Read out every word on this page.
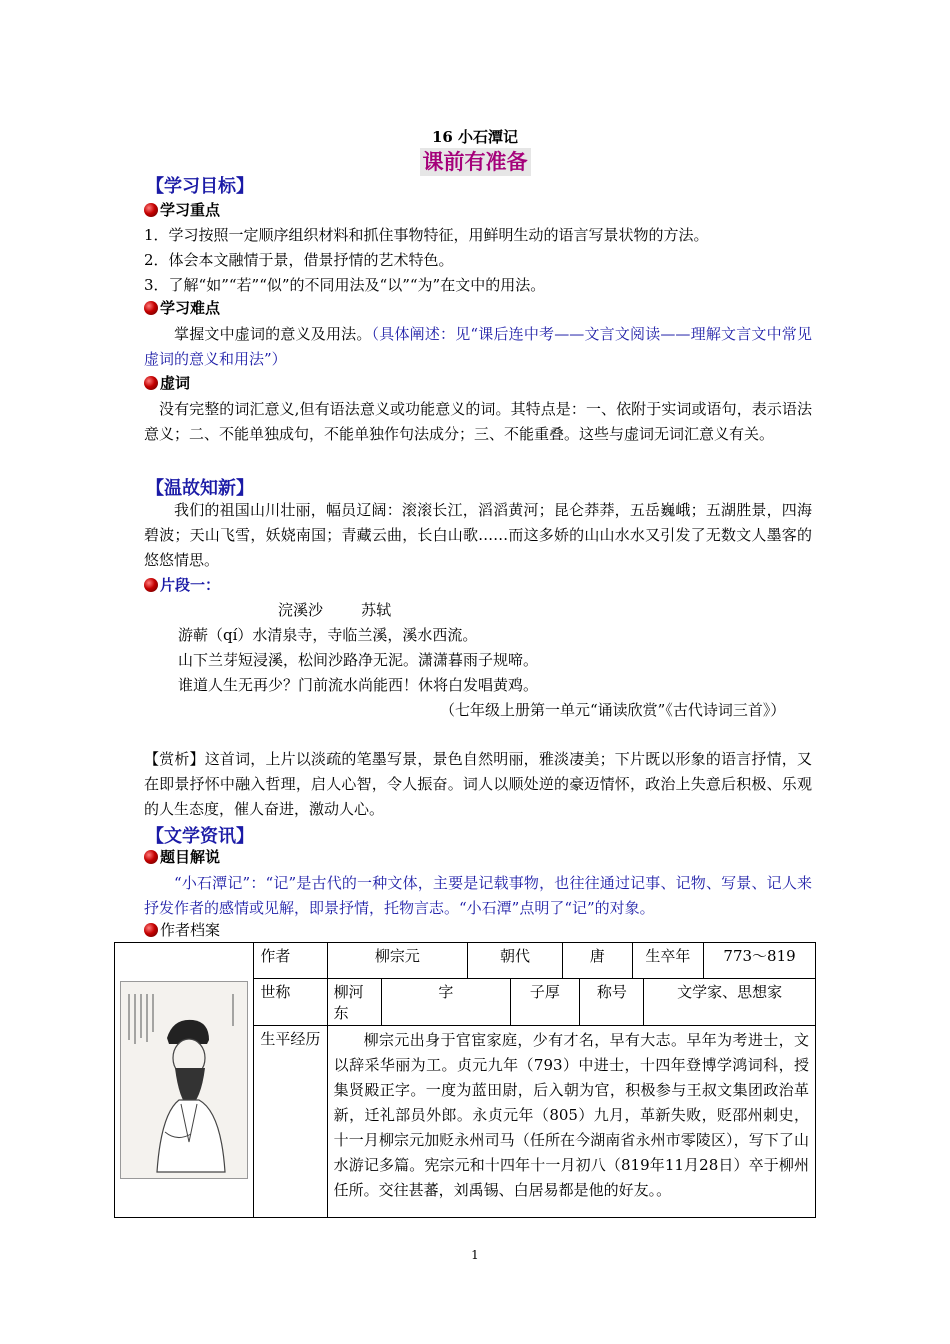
16 小石潭记
课前有准备
【学习目标】
学习重点
1．学习按照一定顺序组织材料和抓住事物特征，用鲜明生动的语言写景状物的方法。
2．体会本文融情于景，借景抒情的艺术特色。
3．了解“如”“若”“似”的不同用法及“以”“为”在文中的用法。
学习难点
掌握文中虚词的意义及用法。（具体阐述：见“课后连中考——文言文阅读——理解文言文中常见虚词的意义和用法”）
虚词
没有完整的词汇意义,但有语法意义或功能意义的词。其特点是：一、依附于实词或语句，表示语法意义；二、不能单独成句，不能单独作句法成分；三、不能重叠。这些与虚词无词汇意义有关。
【温故知新】
我们的祖国山川壮丽，幅员辽阔：滚滚长江，滔滔黄河；昆仑莽莽，五岳巍峨；五湖胜景，四海碧波；天山飞雪，妖娆南国；青藏云曲，长白山歌……而这多娇的山山水水又引发了无数文人墨客的悠悠情思。
片段一：
浣溪沙        苏轼
游蕲（qí）水清泉寺，寺临兰溪，溪水西流。
山下兰芽短浸溪，松间沙路净无泥。潇潇暮雨子规啼。
谁道人生无再少？门前流水尚能西！休将白发唱黄鸡。
（七年级上册第一单元“诵读欣赏”《古代诗词三首》）
【赏析】这首词，上片以淡疏的笔墨写景，景色自然明丽，雅淡凄美；下片既以形象的语言抒情，又在即景抒怀中融入哲理，启人心智，令人振奋。词人以顺处逆的豪迈情怀，政治上失意后积极、乐观的人生态度，催人奋进，激动人心。
【文学资讯】
题目解说
“小石潭记”：“记”是古代的一种文体，主要是记载事物，也往往通过记事、记物、写景、记人来抒发作者的感情或见解，即景抒情，托物言志。“小石潭”点明了“记”的对象。
作者档案
	作者	柳宗元		朝代		唐		生卒年		773～819
	世称	柳河东	字		子厚		称号		文学家、思想家	
	生平经历	柳宗元出身于官宦家庭，少有才名，早有大志。早年为考进士，文以辞采华丽为工。贞元九年（793）中进士，十四年登博学鸿词科，授集贤殿正字。一度为蓝田尉，后入朝为官，积极参与王叔文集团政治革新，迁礼部员外郎。永贞元年（805）九月，革新失败，贬邵州刺史，十一月柳宗元加贬永州司马（任所在今湖南省永州市零陵区），写下了山水游记多篇。宪宗元和十四年十一月初八（819年11月28日）卒于柳州任所。交往甚蕃，刘禹锡、白居易都是他的好友。。								
1
